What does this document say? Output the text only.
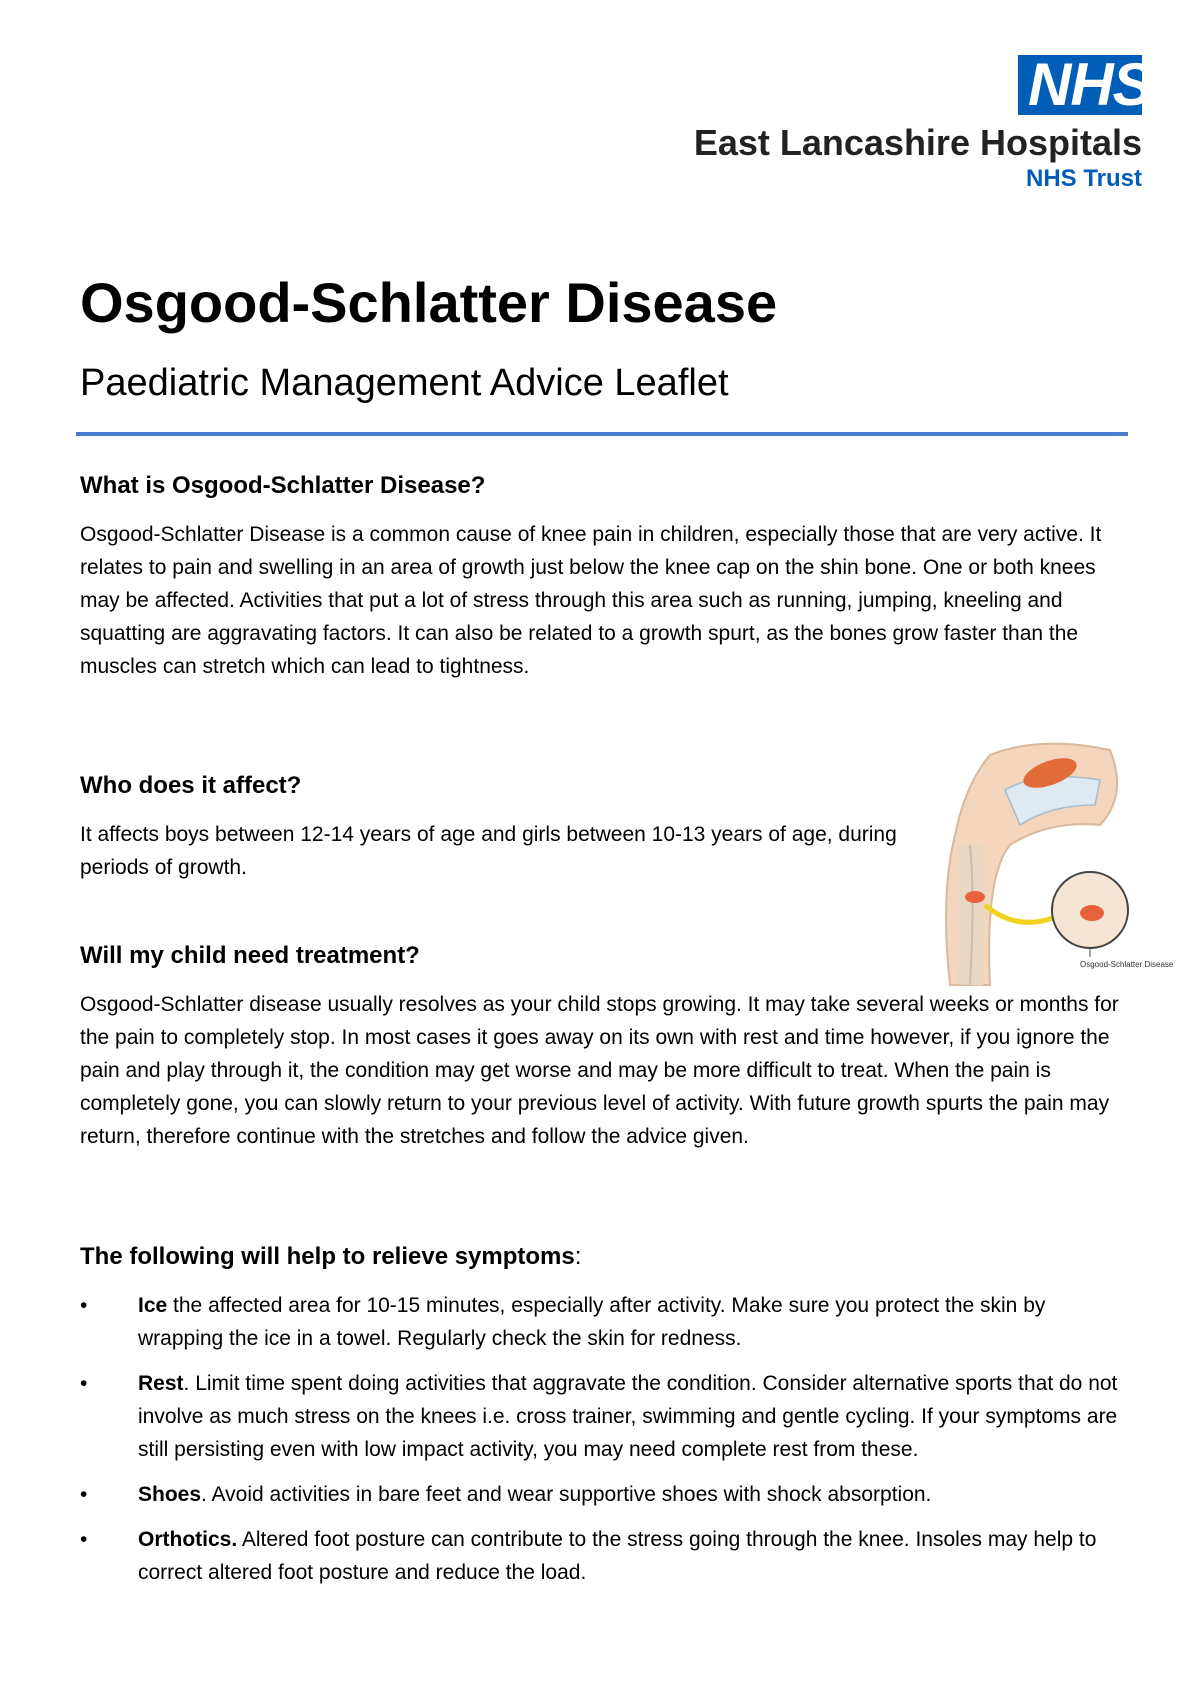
NHS
East Lancashire Hospitals
NHS Trust
Osgood-Schlatter Disease
Paediatric Management Advice Leaflet
What is Osgood-Schlatter Disease?

Osgood-Schlatter Disease is a common cause of knee pain in children, especially those that are very active. It relates to pain and swelling in an area of growth just below the knee cap on the shin bone. One or both knees may be affected. Activities that put a lot of stress through this area such as running, jumping, kneeling and squatting are aggravating factors. It can also be related to a growth spurt, as the bones grow faster than the muscles can stretch which can lead to tightness.

Who does it affect?

It affects boys between 12-14 years of age and girls between 10-13 years of age, during periods of growth.

Osgood-Schlatter Disease
Will my child need treatment?

Osgood-Schlatter disease usually resolves as your child stops growing. It may take several weeks or months for the pain to completely stop. In most cases it goes away on its own with rest and time however, if you ignore the pain and play through it, the condition may get worse and may be more difficult to treat. When the pain is completely gone, you can slowly return to your previous level of activity. With future growth spurts the pain may return, therefore continue with the stretches and follow the advice given.

The following will help to relieve symptoms:
• Ice the affected area for 10-15 minutes, especially after activity. Make sure you protect the skin by wrapping the ice in a towel. Regularly check the skin for redness.
• Rest. Limit time spent doing activities that aggravate the condition. Consider alternative sports that do not involve as much stress on the knees i.e. cross trainer, swimming and gentle cycling. If your symptoms are still persisting even with low impact activity, you may need complete rest from these.
• Shoes. Avoid activities in bare feet and wear supportive shoes with shock absorption.
• Orthotics. Altered foot posture can contribute to the stress going through the knee. Insoles may help to correct altered foot posture and reduce the load.
